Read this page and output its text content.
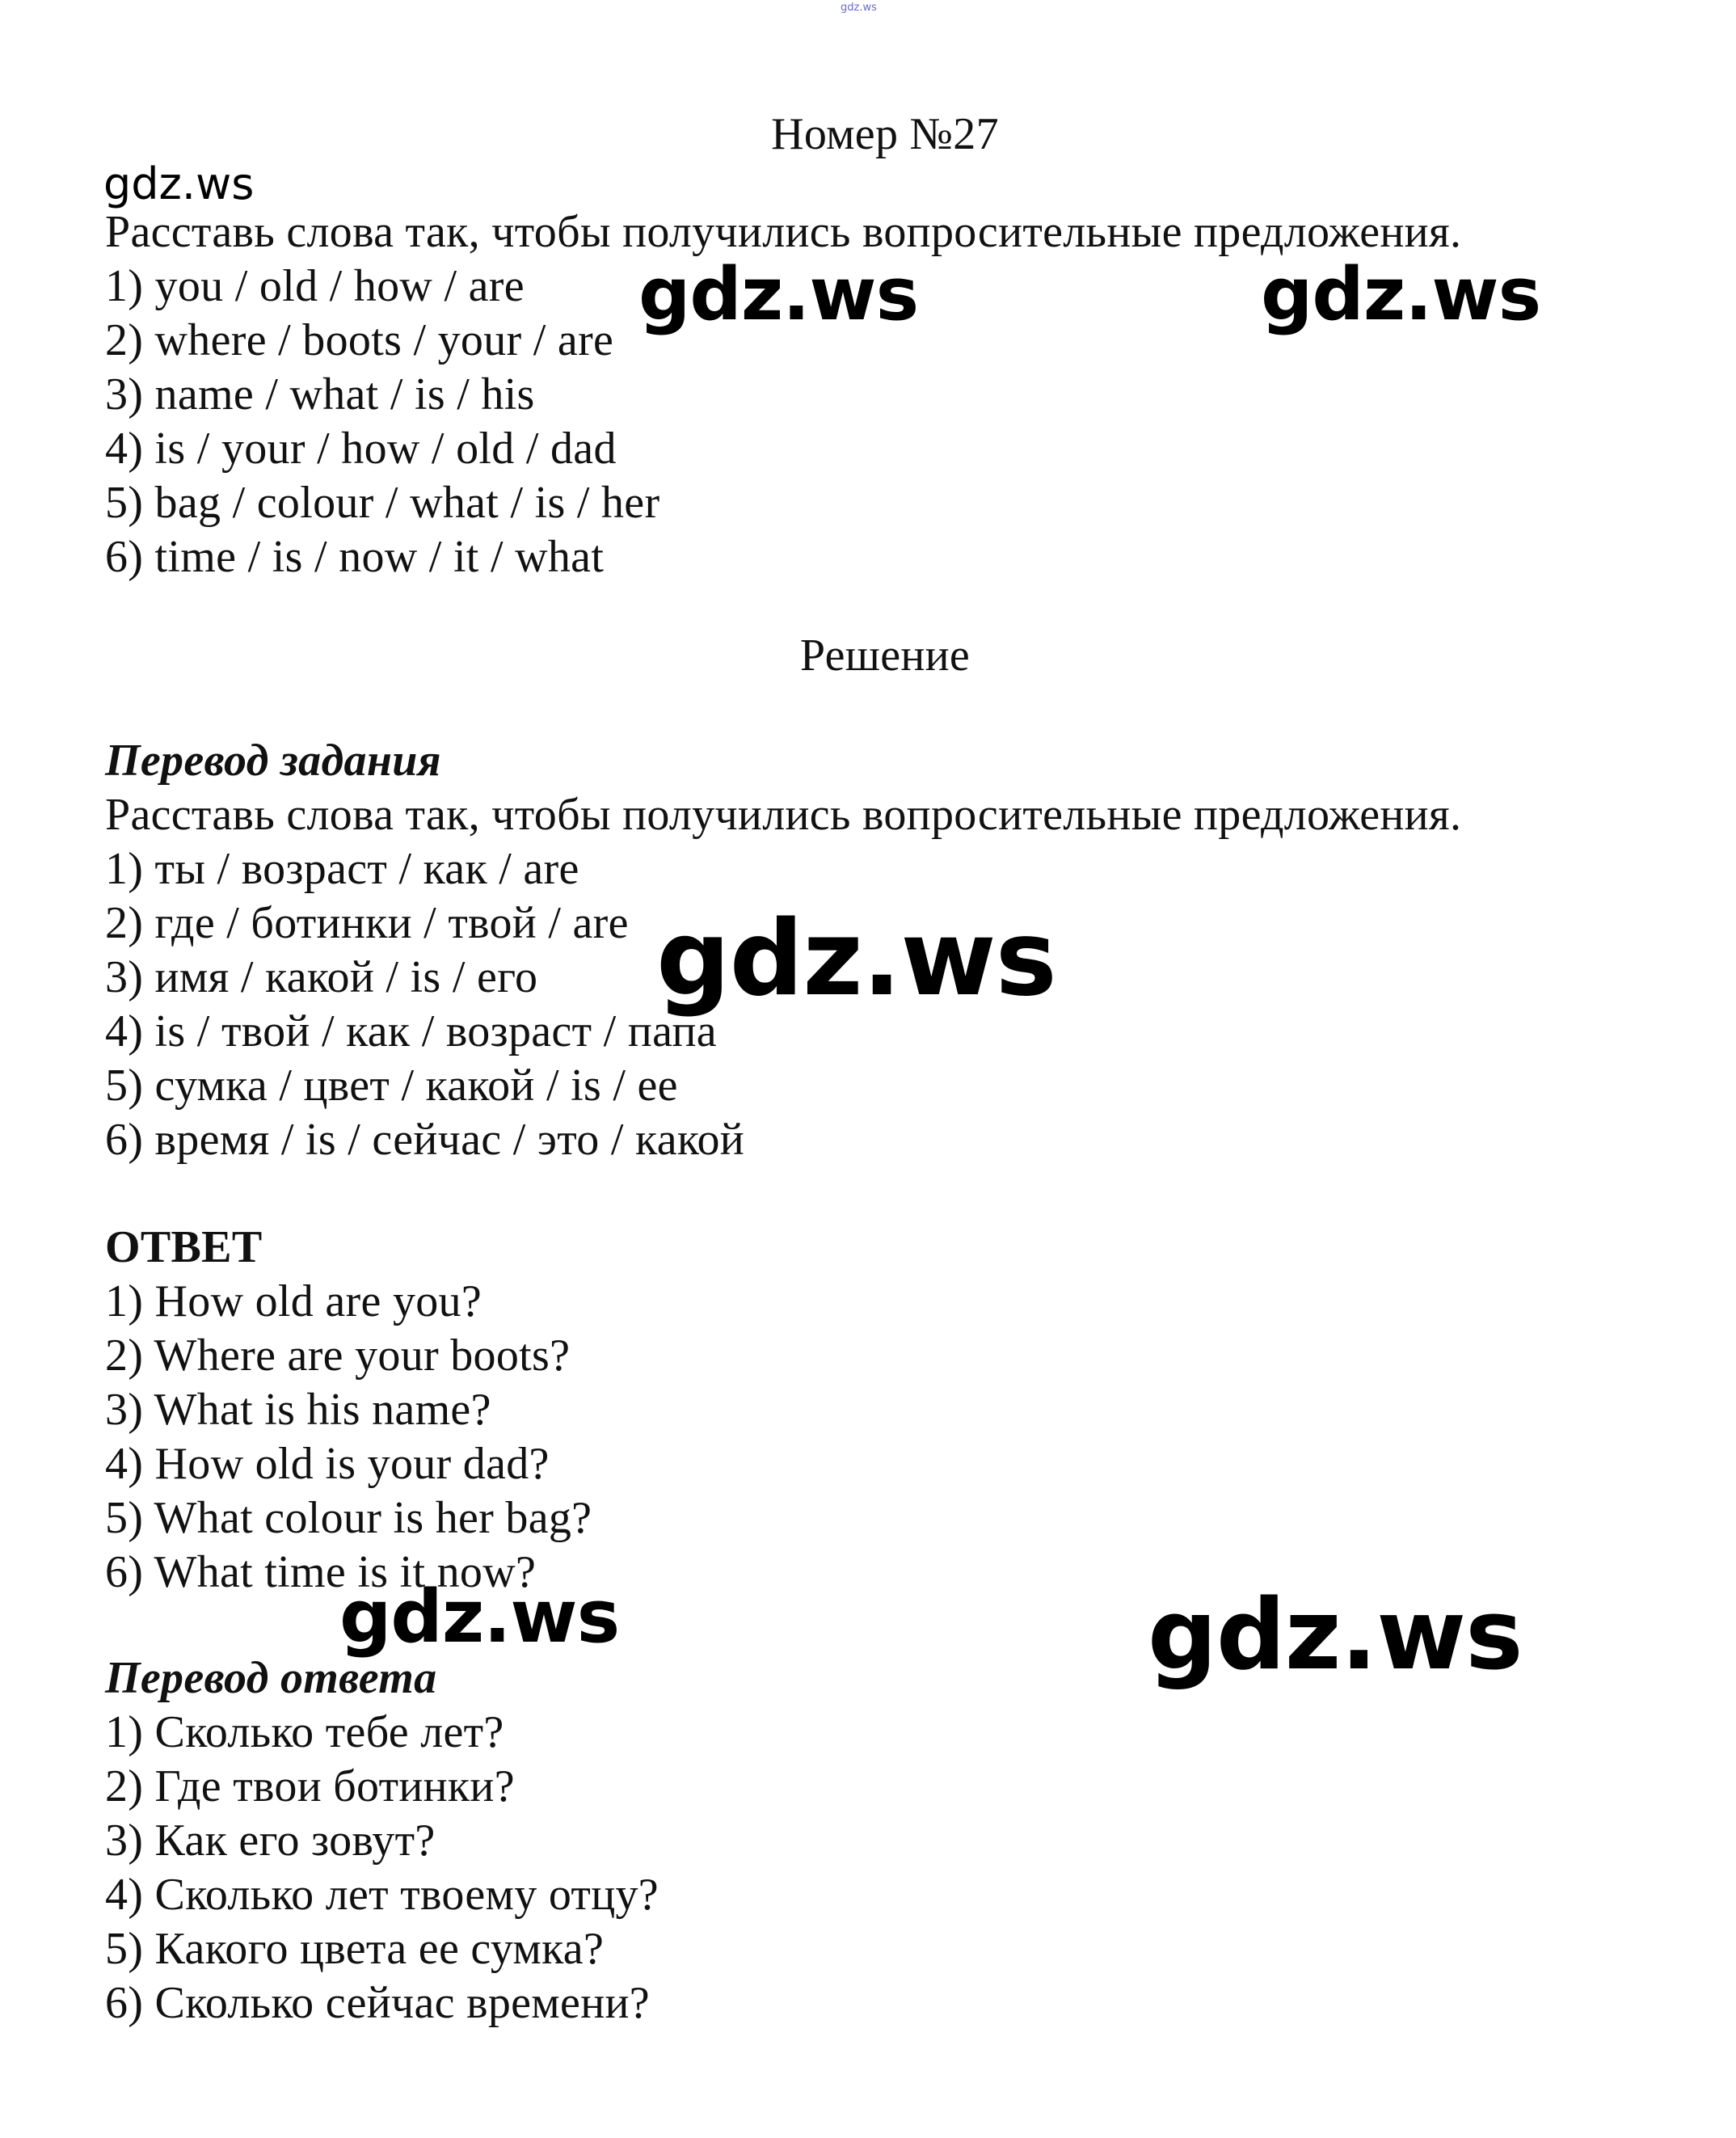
gdz.ws
Номер №27
gdz.ws
Расставь слова так, чтобы получились вопросительные предложения.
1) you / old / how / are
2) where / boots / your / are
3) name / what / is / his
4) is / your / how / old / dad
5) bag / colour / what / is / her
6) time / is / now / it / what
Решение
Перевод задания
Расставь слова так, чтобы получились вопросительные предложения.
1) ты / возраст / как / are
2) где / ботинки / твой / are
3) имя / какой / is / его
4) is / твой / как / возраст / папа
5) сумка / цвет / какой / is / ее
6) время / is / сейчас / это / какой
ОТВЕТ
1) How old are you?
2) Where are your boots?
3) What is his name?
4) How old is your dad?
5) What colour is her bag?
6) What time is it now?
Перевод ответа
1) Сколько тебе лет?
2) Где твои ботинки?
3) Как его зовут?
4) Сколько лет твоему отцу?
5) Какого цвета ее сумка?
6) Сколько сейчас времени?
gdz.ws	gdz.ws
gdz.ws
gdz.ws	gdz.ws
